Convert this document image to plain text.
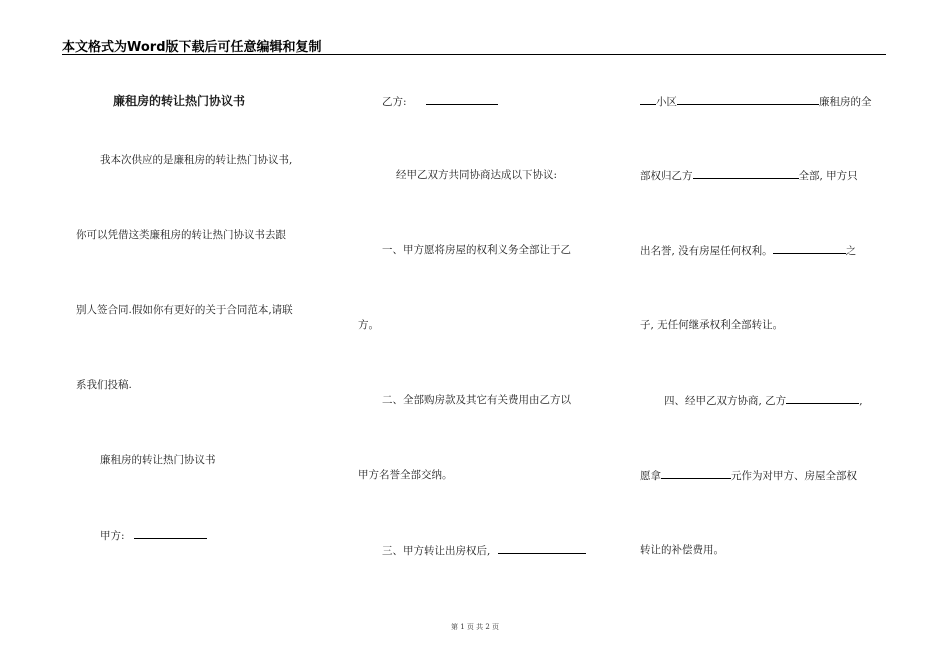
本文格式为Word版下载后可任意编辑和复制
廉租房的转让热门协议书
我本次供应的是廉租房的转让热门协议书,
你可以凭借这类廉租房的转让热门协议书去跟
别人签合同.假如你有更好的关于合同范本,请联
系我们投稿.
廉租房的转让热门协议书
甲方:
乙方:
经甲乙双方共同协商达成以下协议:
一、甲方愿将房屋的权利义务全部让于乙
方。
二、全部购房款及其它有关费用由乙方以
甲方名誉全部交纳。
三、甲方转让出房权后,
小区	廉租房的全
部权归乙方	全部, 甲方只
出名誉, 没有房屋任何权利。	之
子, 无任何继承权利全部转让。
四、经甲乙双方协商, 乙方	,
愿拿	元作为对甲方、房屋全部权
转让的补偿费用。
第 1 页 共 2 页
